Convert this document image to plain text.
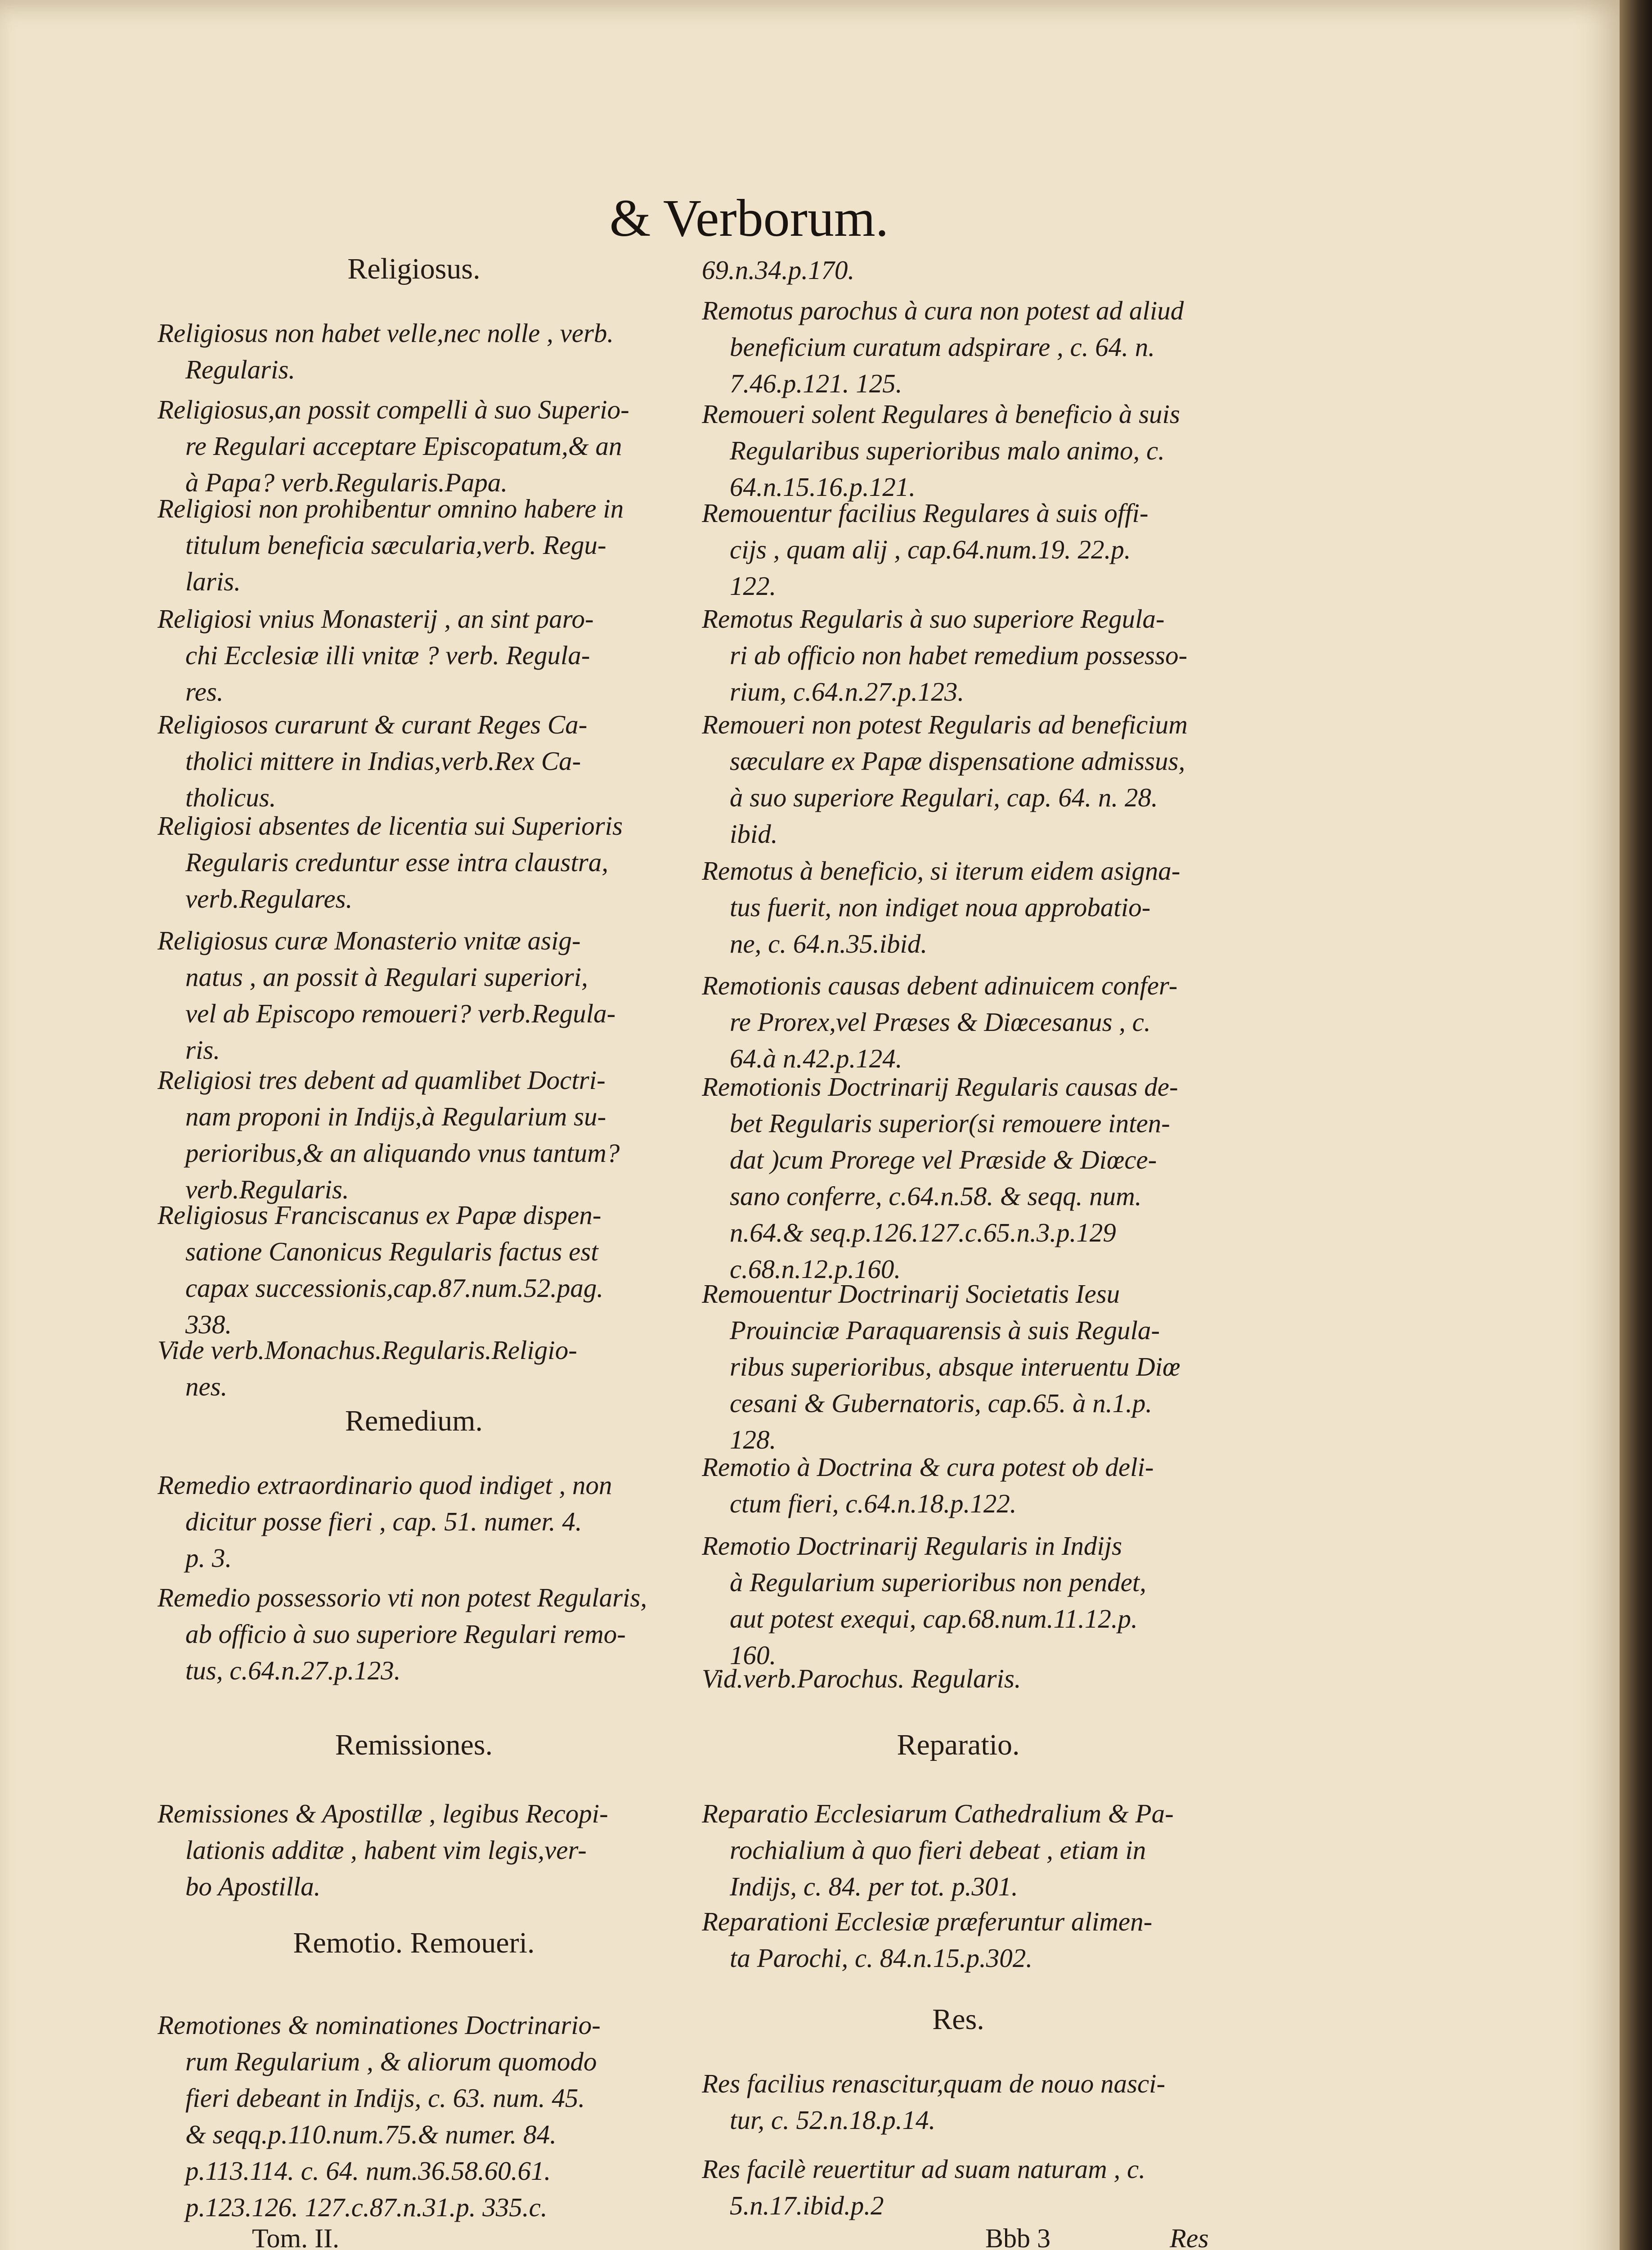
& Verborum.
Religiosus.
Religiosus non habet velle,nec nolle , verb.
Regularis.
Religiosus,an possit compelli à suo Superio-
re Regulari acceptare Episcopatum,& an
à Papa? verb.Regularis.Papa.
Religiosi non prohibentur omnino habere in
titulum beneficia sæcularia,verb. Regu-
laris.
Religiosi vnius Monasterij , an sint paro-
chi Ecclesiæ illi vnitæ ? verb. Regula-
res.
Religiosos curarunt & curant Reges Ca-
tholici mittere in Indias,verb.Rex Ca-
tholicus.
Religiosi absentes de licentia sui Superioris
Regularis creduntur esse intra claustra,
verb.Regulares.
Religiosus curæ Monasterio vnitæ asig-
natus , an possit à Regulari superiori,
vel ab Episcopo remoueri? verb.Regula-
ris.
Religiosi tres debent ad quamlibet Doctri-
nam proponi in Indijs,à Regularium su-
perioribus,& an aliquando vnus tantum?
verb.Regularis.
Religiosus Franciscanus ex Papæ dispen-
satione Canonicus Regularis factus est
capax successionis,cap.87.num.52.pag.
338.
Vide verb.Monachus.Regularis.Religio-
nes.
Remedium.
Remedio extraordinario quod indiget , non
dicitur posse fieri , cap. 51. numer. 4.
p. 3.
Remedio possessorio vti non potest Regularis,
ab officio à suo superiore Regulari remo-
tus, c.64.n.27.p.123.
Remissiones.
Remissiones & Apostillæ , legibus Recopi-
lationis additæ , habent vim legis,ver-
bo Apostilla.
Remotio. Remoueri.
Remotiones & nominationes Doctrinario-
rum Regularium , & aliorum quomodo
fieri debeant in Indijs, c. 63. num. 45.
& seqq.p.110.num.75.& numer. 84.
p.113.114. c. 64. num.36.58.60.61.
p.123.126. 127.c.87.n.31.p. 335.c.
69.n.34.p.170.
Remotus parochus à cura non potest ad aliud
beneficium curatum adspirare , c. 64. n.
7.46.p.121. 125.
Remoueri solent Regulares à beneficio à suis
Regularibus superioribus malo animo, c.
64.n.15.16.p.121.
Remouentur facilius Regulares à suis offi-
cijs , quam alij , cap.64.num.19. 22.p.
122.
Remotus Regularis à suo superiore Regula-
ri ab officio non habet remedium possesso-
rium, c.64.n.27.p.123.
Remoueri non potest Regularis ad beneficium
sæculare ex Papæ dispensatione admissus,
à suo superiore Regulari, cap. 64. n. 28.
ibid.
Remotus à beneficio, si iterum eidem asigna-
tus fuerit, non indiget noua approbatio-
ne, c. 64.n.35.ibid.
Remotionis causas debent adinuicem confer-
re Prorex,vel Præses & Diœcesanus , c.
64.à n.42.p.124.
Remotionis Doctrinarij Regularis causas de-
bet Regularis superior(si remouere inten-
dat )cum Prorege vel Præside & Diœce-
sano conferre, c.64.n.58. & seqq. num.
n.64.& seq.p.126.127.c.65.n.3.p.129
c.68.n.12.p.160.
Remouentur Doctrinarij Societatis Iesu
Prouinciæ Paraquarensis à suis Regula-
ribus superioribus, absque interuentu Diœ
cesani & Gubernatoris, cap.65. à n.1.p.
128.
Remotio à Doctrina & cura potest ob deli-
ctum fieri, c.64.n.18.p.122.
Remotio Doctrinarij Regularis in Indijs
à Regularium superioribus non pendet,
aut potest exequi, cap.68.num.11.12.p.
160.
Vid.verb.Parochus. Regularis.
Reparatio.
Reparatio Ecclesiarum Cathedralium & Pa-
rochialium à quo fieri debeat , etiam in
Indijs, c. 84. per tot. p.301.
Reparationi Ecclesiæ præferuntur alimen-
ta Parochi, c. 84.n.15.p.302.
Res.
Res facilius renascitur,quam de nouo nasci-
tur, c. 52.n.18.p.14.
Res facilè reuertitur ad suam naturam , c.
5.n.17.ibid.p.2
Tom. II.	Bbb 3	Res
